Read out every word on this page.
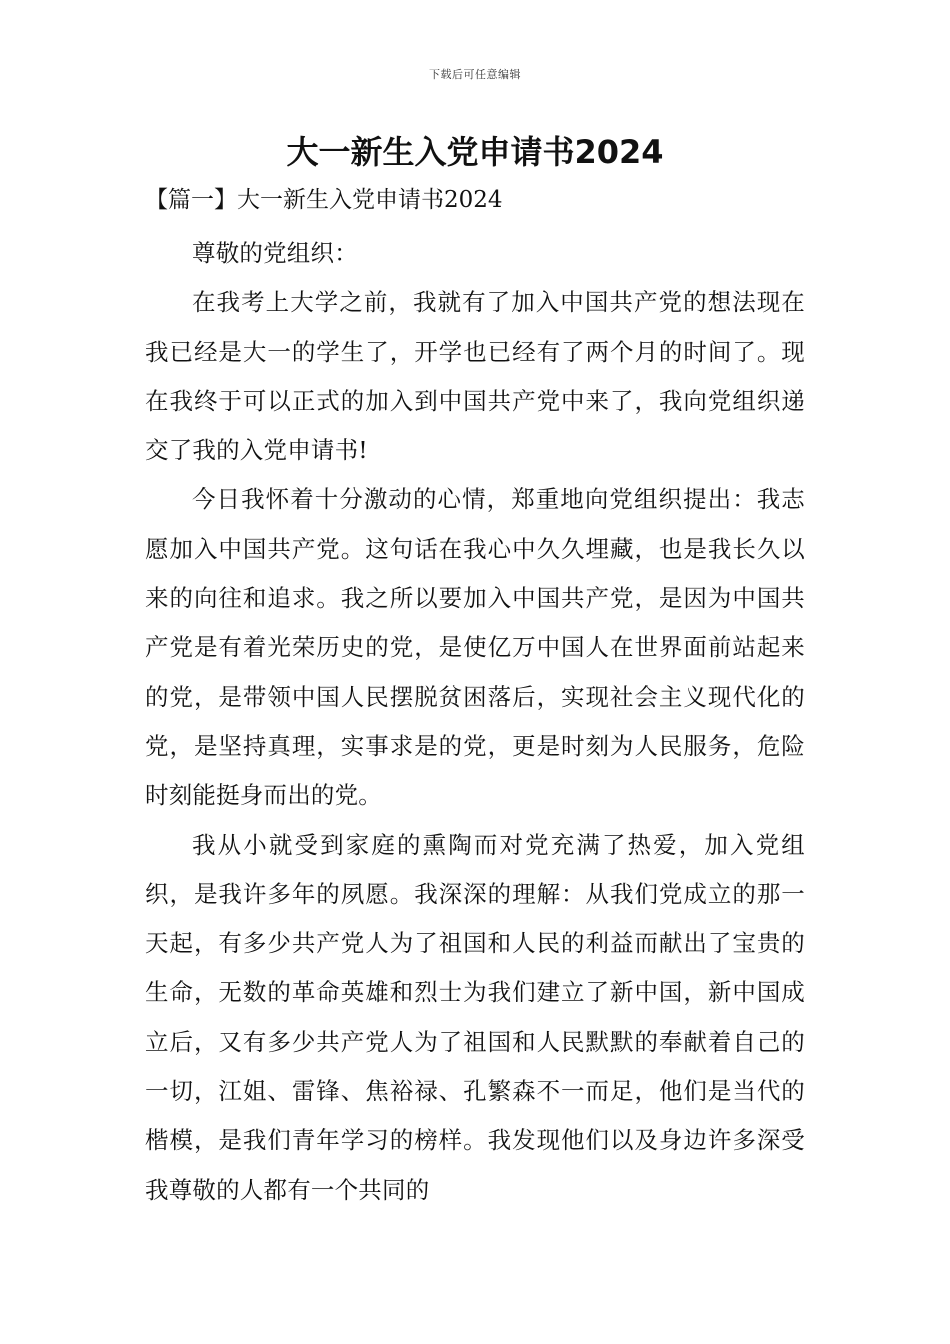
下载后可任意编辑
大一新生入党申请书2024
【篇一】大一新生入党申请书2024

尊敬的党组织：

在我考上大学之前，我就有了加入中国共产党的想法现在我已经是大一的学生了，开学也已经有了两个月的时间了。现在我终于可以正式的加入到中国共产党中来了，我向党组织递交了我的入党申请书!

今日我怀着十分激动的心情，郑重地向党组织提出：我志愿加入中国共产党。这句话在我心中久久埋藏，也是我长久以来的向往和追求。我之所以要加入中国共产党，是因为中国共产党是有着光荣历史的党，是使亿万中国人在世界面前站起来的党，是带领中国人民摆脱贫困落后，实现社会主义现代化的党，是坚持真理，实事求是的党，更是时刻为人民服务，危险时刻能挺身而出的党。

我从小就受到家庭的熏陶而对党充满了热爱，加入党组织，是我许多年的夙愿。我深深的理解：从我们党成立的那一天起，有多少共产党人为了祖国和人民的利益而献出了宝贵的生命，无数的革命英雄和烈士为我们建立了新中国，新中国成立后，又有多少共产党人为了祖国和人民默默的奉献着自己的一切，江姐、雷锋、焦裕禄、孔繁森不一而足，他们是当代的楷模，是我们青年学习的榜样。我发现他们以及身边许多深受我尊敬的人都有一个共同的
